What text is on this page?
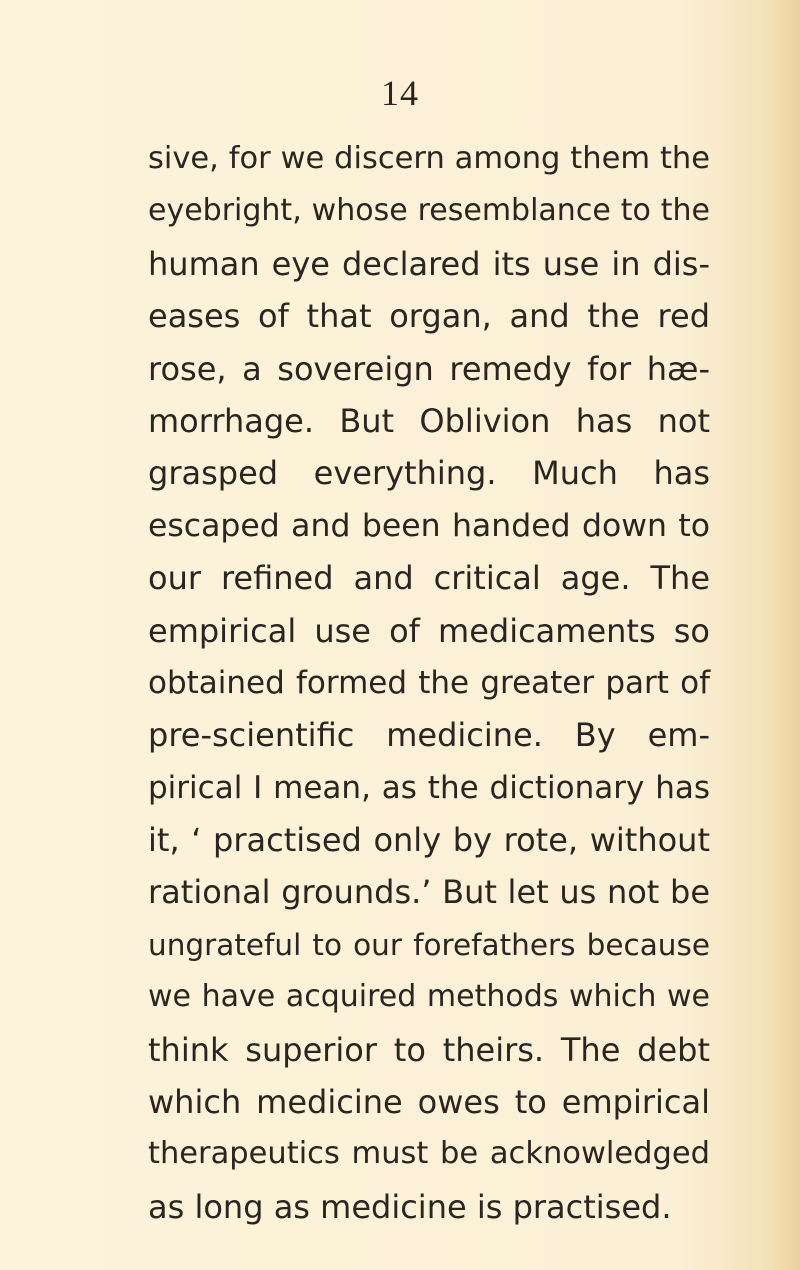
14
sive, for we discern among them the
eyebright, whose resemblance to the
human eye declared its use in dis-
eases of that organ, and the red
rose, a sovereign remedy for hæ-
morrhage. But Oblivion has not
grasped everything. Much has
escaped and been handed down to
our refined and critical age. The
empirical use of medicaments so
obtained formed the greater part of
pre-scientific medicine. By em-
pirical I mean, as the dictionary has
it, ‘ practised only by rote, without
rational grounds.’ But let us not be
ungrateful to our forefathers because
we have acquired methods which we
think superior to theirs. The debt
which medicine owes to empirical
therapeutics must be acknowledged
as long as medicine is practised.
